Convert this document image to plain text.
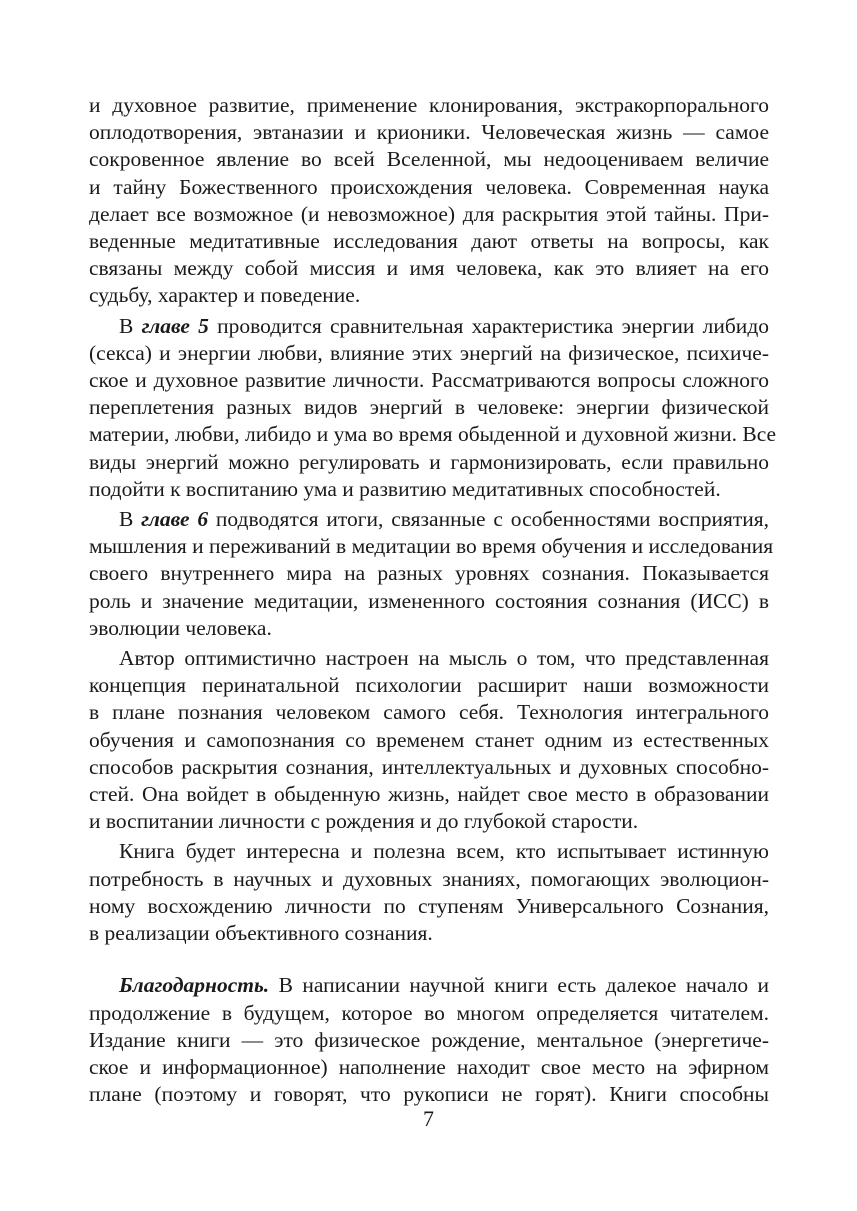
и духовное развитие, применение клонирования, экстракорпорального
оплодотворения, эвтаназии и крионики. Человеческая жизнь — самое
сокровенное явление во всей Вселенной, мы недооцениваем величие
и тайну Божественного происхождения человека. Современная наука
делает все возможное (и невозможное) для раскрытия этой тайны. При-
веденные медитативные исследования дают ответы на вопросы, как
связаны между собой миссия и имя человека, как это влияет на его
судьбу, характер и поведение.
В главе 5 проводится сравнительная характеристика энергии либидо
(секса) и энергии любви, влияние этих энергий на физическое, психиче-
ское и духовное развитие личности. Рассматриваются вопросы сложного
переплетения разных видов энергий в человеке: энергии физической
материи, любви, либидо и ума во время обыденной и духовной жизни. Все
виды энергий можно регулировать и гармонизировать, если правильно
подойти к воспитанию ума и развитию медитативных способностей.
В главе 6 подводятся итоги, связанные с особенностями восприятия,
мышления и переживаний в медитации во время обучения и исследования
своего внутреннего мира на разных уровнях сознания. Показывается
роль и значение медитации, измененного состояния сознания (ИСС) в
эволюции человека.
Автор оптимистично настроен на мысль о том, что представленная
концепция перинатальной психологии расширит наши возможности
в плане познания человеком самого себя. Технология интегрального
обучения и самопознания со временем станет одним из естественных
способов раскрытия сознания, интеллектуальных и духовных способно-
стей. Она войдет в обыденную жизнь, найдет свое место в образовании
и воспитании личности с рождения и до глубокой старости.
Книга будет интересна и полезна всем, кто испытывает истинную
потребность в научных и духовных знаниях, помогающих эволюцион-
ному восхождению личности по ступеням Универсального Сознания,
в реализации объективного сознания.
Благодарность. В написании научной книги есть далекое начало и
продолжение в будущем, которое во многом определяется читателем.
Издание книги — это физическое рождение, ментальное (энергетиче-
ское и информационное) наполнение находит свое место на эфирном
плане (поэтому и говорят, что рукописи не горят). Книги способны
7
